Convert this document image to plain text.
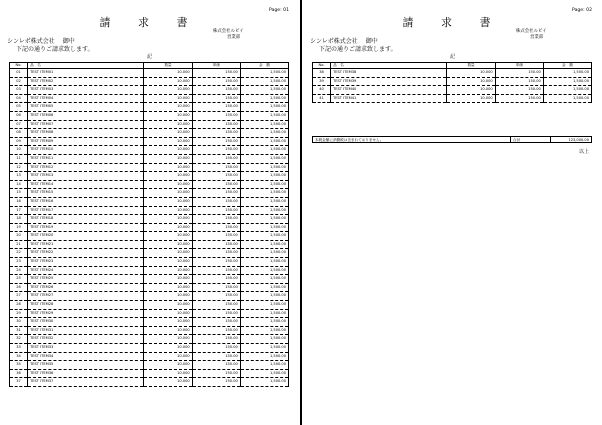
Page: 01
請 求 書
シンレポ株式会社 御中
株式会社ルビイ
営業部
下記の通りご請求致します。
記
No.	品　名	数量	単価	金　額
01	TEST ITEM01	10.000	150.00	1,500.00
02	TEST ITEM02	10.000	150.00	1,500.00
03	TEST ITEM03	10.000	150.00	1,500.00
04	TEST ITEM04	10.000	150.00	1,500.00
05	TEST ITEM05	10.000	150.00	1,500.00
06	TEST ITEM06	10.000	150.00	1,500.00
07	TEST ITEM07	10.000	150.00	1,500.00
08	TEST ITEM08	10.000	150.00	1,500.00
09	TEST ITEM09	10.000	150.00	1,500.00
10	TEST ITEM10	10.000	150.00	1,500.00
11	TEST ITEM11	10.000	150.00	1,500.00
12	TEST ITEM12	10.000	150.00	1,500.00
13	TEST ITEM13	10.000	150.00	1,500.00
14	TEST ITEM14	10.000	150.00	1,500.00
15	TEST ITEM15	10.000	150.00	1,500.00
16	TEST ITEM16	10.000	150.00	1,500.00
17	TEST ITEM17	10.000	150.00	1,500.00
18	TEST ITEM18	10.000	150.00	1,500.00
19	TEST ITEM19	10.000	150.00	1,500.00
20	TEST ITEM20	10.000	150.00	1,500.00
21	TEST ITEM21	10.000	150.00	1,500.00
22	TEST ITEM22	10.000	150.00	1,500.00
23	TEST ITEM23	10.000	150.00	1,500.00
24	TEST ITEM24	10.000	150.00	1,500.00
25	TEST ITEM25	10.000	150.00	1,500.00
26	TEST ITEM26	10.000	150.00	1,500.00
27	TEST ITEM27	10.000	150.00	1,500.00
28	TEST ITEM28	10.000	150.00	1,500.00
29	TEST ITEM29	10.000	150.00	1,500.00
30	TEST ITEM30	10.000	150.00	1,500.00
31	TEST ITEM31	10.000	150.00	1,500.00
32	TEST ITEM32	10.000	150.00	1,500.00
33	TEST ITEM33	10.000	150.00	1,500.00
34	TEST ITEM34	10.000	150.00	1,500.00
35	TEST ITEM35	10.000	150.00	1,500.00
36	TEST ITEM36	10.000	150.00	1,500.00
37	TEST ITEM37	10.000	150.00	1,500.00
Page: 02
請 求 書
シンレポ株式会社 御中
株式会社ルビイ
営業部
下記の通りご請求致します。
記
No.	品　名	数量	単価	金　額
38	TEST ITEM38	10.000	150.00	1,500.00
39	TEST ITEM39	10.000	150.00	1,500.00
40	TEST ITEM40	10.000	150.00	1,500.00
41	TEST ITEM41	10.000	150.00	1,500.00
本税金額に消費税は含まれておりません。	合計	123,000.00
以上
